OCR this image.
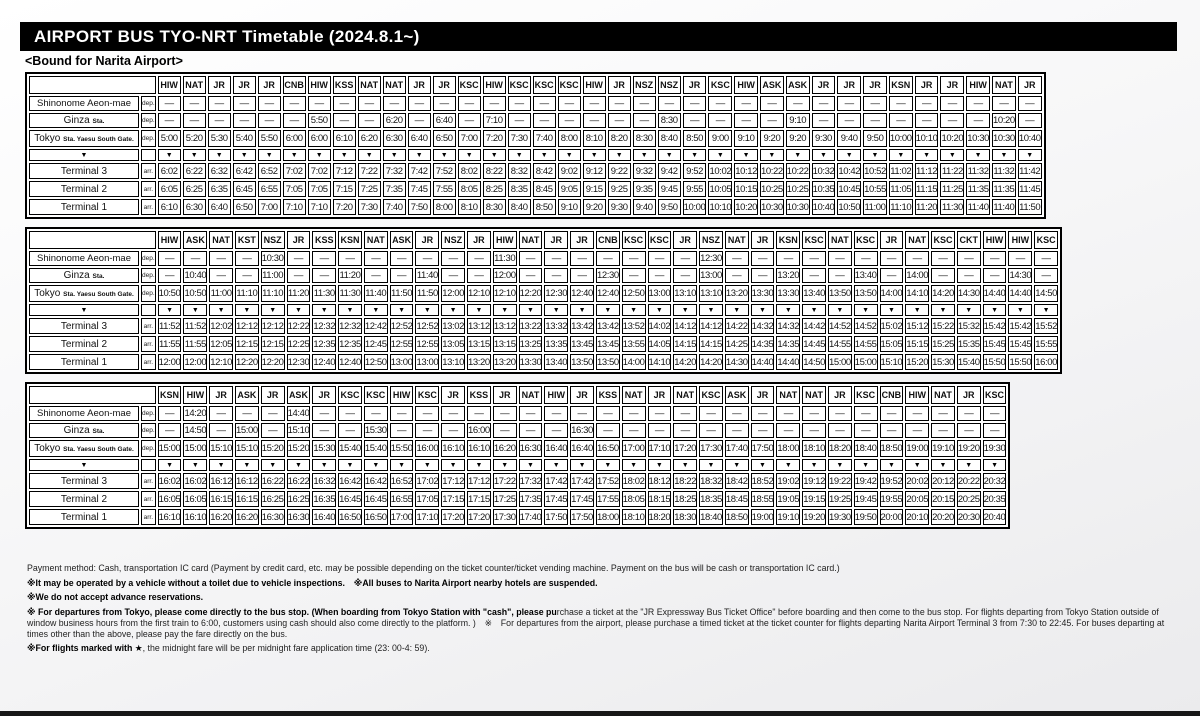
AIRPORT BUS TYO-NRT Timetable (2024.8.1~)
<Bound for Narita Airport>
		HIW	NAT	JR	JR	JR	CNB	HIW	KSS	NAT	NAT	JR	JR	KSC	HIW	KSC	KSC	KSC	HIW	JR	NSZ	NSZ	JR	KSC	HIW	ASK	ASK	JR	JR	JR	KSN	JR	JR	HIW	NAT	JR
Shinonome Aeon-mae	dep.	—	—	—	—	—	—	—	—	—	—	—	—	—	—	—	—	—	—	—	—	—	—	—	—	—	—	—	—	—	—	—	—	—	—	—
Ginza Sta.	dep.	—	—	—	—	—	—	5:50	—	—	6:20	—	6:40	—	7:10	—	—	—	—	—	—	8:30	—	—	—	—	9:10	—	—	—	—	—	—	—	10:20	—
Tokyo Sta. Yaesu South Gate.	dep.	5:00	5:20	5:30	5:40	5:50	6:00	6:00	6:10	6:20	6:30	6:40	6:50	7:00	7:20	7:30	7:40	8:00	8:10	8:20	8:30	8:40	8:50	9:00	9:10	9:20	9:20	9:30	9:40	9:50	10:00	10:10	10:20	10:30	10:30	10:40
▼		▼	▼	▼	▼	▼	▼	▼	▼	▼	▼	▼	▼	▼	▼	▼	▼	▼	▼	▼	▼	▼	▼	▼	▼	▼	▼	▼	▼	▼	▼	▼	▼	▼	▼	▼
Terminal 3	arr.	6:02	6:22	6:32	6:42	6:52	7:02	7:02	7:12	7:22	7:32	7:42	7:52	8:02	8:22	8:32	8:42	9:02	9:12	9:22	9:32	9:42	9:52	10:02	10:12	10:22	10:22	10:32	10:42	10:52	11:02	11:12	11:22	11:32	11:32	11:42
Terminal 2	arr.	6:05	6:25	6:35	6:45	6:55	7:05	7:05	7:15	7:25	7:35	7:45	7:55	8:05	8:25	8:35	8:45	9:05	9:15	9:25	9:35	9:45	9:55	10:05	10:15	10:25	10:25	10:35	10:45	10:55	11:05	11:15	11:25	11:35	11:35	11:45
Terminal 1	arr.	6:10	6:30	6:40	6:50	7:00	7:10	7:10	7:20	7:30	7:40	7:50	8:00	8:10	8:30	8:40	8:50	9:10	9:20	9:30	9:40	9:50	10:00	10:10	10:20	10:30	10:30	10:40	10:50	11:00	11:10	11:20	11:30	11:40	11:40	11:50
		HIW	ASK	NAT	KST	NSZ	JR	KSS	KSN	NAT	ASK	JR	NSZ	JR	HIW	NAT	JR	JR	CNB	KSC	KSC	JR	NSZ	NAT	JR	KSN	KSC	NAT	KSC	JR	NAT	KSC	CKT	HIW	HIW	KSC
Shinonome Aeon-mae	dep.	—	—	—	—	10:30	—	—	—	—	—	—	—	—	11:30	—	—	—	—	—	—	—	12:30	—	—	—	—	—	—	—	—	—	—	—	—	—
Ginza Sta.	dep.	—	10:40	—	—	11:00	—	—	11:20	—	—	11:40	—	—	12:00	—	—	—	12:30	—	—	—	13:00	—	—	13:20	—	—	13:40	—	14:00	—	—	—	14:30	—
Tokyo Sta. Yaesu South Gate.	dep.	10:50	10:50	11:00	11:10	11:10	11:20	11:30	11:30	11:40	11:50	11:50	12:00	12:10	12:10	12:20	12:30	12:40	12:40	12:50	13:00	13:10	13:10	13:20	13:30	13:30	13:40	13:50	13:50	14:00	14:10	14:20	14:30	14:40	14:40	14:50
▼		▼	▼	▼	▼	▼	▼	▼	▼	▼	▼	▼	▼	▼	▼	▼	▼	▼	▼	▼	▼	▼	▼	▼	▼	▼	▼	▼	▼	▼	▼	▼	▼	▼	▼	▼
Terminal 3	arr.	11:52	11:52	12:02	12:12	12:12	12:22	12:32	12:32	12:42	12:52	12:52	13:02	13:12	13:12	13:22	13:32	13:42	13:42	13:52	14:02	14:12	14:12	14:22	14:32	14:32	14:42	14:52	14:52	15:02	15:12	15:22	15:32	15:42	15:42	15:52
Terminal 2	arr.	11:55	11:55	12:05	12:15	12:15	12:25	12:35	12:35	12:45	12:55	12:55	13:05	13:15	13:15	13:25	13:35	13:45	13:45	13:55	14:05	14:15	14:15	14:25	14:35	14:35	14:45	14:55	14:55	15:05	15:15	15:25	15:35	15:45	15:45	15:55
Terminal 1	arr.	12:00	12:00	12:10	12:20	12:20	12:30	12:40	12:40	12:50	13:00	13:00	13:10	13:20	13:20	13:30	13:40	13:50	13:50	14:00	14:10	14:20	14:20	14:30	14:40	14:40	14:50	15:00	15:00	15:10	15:20	15:30	15:40	15:50	15:50	16:00
		KSN	HIW	JR	ASK	JR	ASK	JR	KSC	KSC	HIW	KSC	JR	KSS	JR	NAT	HIW	JR	KSS	NAT	JR	NAT	KSC	ASK	JR	NAT	NAT	JR	KSC	CNB	HIW	NAT	JR	KSC
Shinonome Aeon-mae	dep.	—	14:20	—	—	—	14:40	—	—	—	—	—	—	—	—	—	—	—	—	—	—	—	—	—	—	—	—	—	—	—	—	—	—	—
Ginza Sta.	dep.	—	14:50	—	15:00	—	15:10	—	—	15:30	—	—	—	16:00	—	—	—	16:30	—	—	—	—	—	—	—	—	—	—	—	—	—	—	—	—
Tokyo Sta. Yaesu South Gate.	dep.	15:00	15:00	15:10	15:10	15:20	15:20	15:30	15:40	15:40	15:50	16:00	16:10	16:10	16:20	16:30	16:40	16:40	16:50	17:00	17:10	17:20	17:30	17:40	17:50	18:00	18:10	18:20	18:40	18:50	19:00	19:10	19:20	19:30
▼		▼	▼	▼	▼	▼	▼	▼	▼	▼	▼	▼	▼	▼	▼	▼	▼	▼	▼	▼	▼	▼	▼	▼	▼	▼	▼	▼	▼	▼	▼	▼	▼	▼
Terminal 3	arr.	16:02	16:02	16:12	16:12	16:22	16:22	16:32	16:42	16:42	16:52	17:02	17:12	17:12	17:22	17:32	17:42	17:42	17:52	18:02	18:12	18:22	18:32	18:42	18:52	19:02	19:12	19:22	19:42	19:52	20:02	20:12	20:22	20:32
Terminal 2	arr.	16:05	16:05	16:15	16:15	16:25	16:25	16:35	16:45	16:45	16:55	17:05	17:15	17:15	17:25	17:35	17:45	17:45	17:55	18:05	18:15	18:25	18:35	18:45	18:55	19:05	19:15	19:25	19:45	19:55	20:05	20:15	20:25	20:35
Terminal 1	arr.	16:10	16:10	16:20	16:20	16:30	16:30	16:40	16:50	16:50	17:00	17:10	17:20	17:20	17:30	17:40	17:50	17:50	18:00	18:10	18:20	18:30	18:40	18:50	19:00	19:10	19:20	19:30	19:50	20:00	20:10	20:20	20:30	20:40

Payment method: Cash, transportation IC card (Payment by credit card, etc. may be possible depending on the ticket counter/ticket vending machine. Payment on the bus will be cash or transportation IC card.)

※It may be operated by a vehicle without a toilet due to vehicle inspections.　※All buses to Narita Airport nearby hotels are suspended.

※We do not accept advance reservations.

※ For departures from Tokyo, please come directly to the bus stop. (When boarding from Tokyo Station with "cash", please purchase a ticket at the "JR Expressway Bus Ticket Office" before boarding and then come to the bus stop. For flights departing from Tokyo Station outside of window business hours from the first train to 6:00, customers using cash should also come directly to the platform. )　※　For departures from the airport, please purchase a timed ticket at the ticket counter for flights departing Narita Airport Terminal 3 from 7:30 to 22:45. For buses departing at times other than the above, please pay the fare directly on the bus.

※For flights marked with ★, the midnight fare will be per midnight fare application time (23: 00-4: 59).
